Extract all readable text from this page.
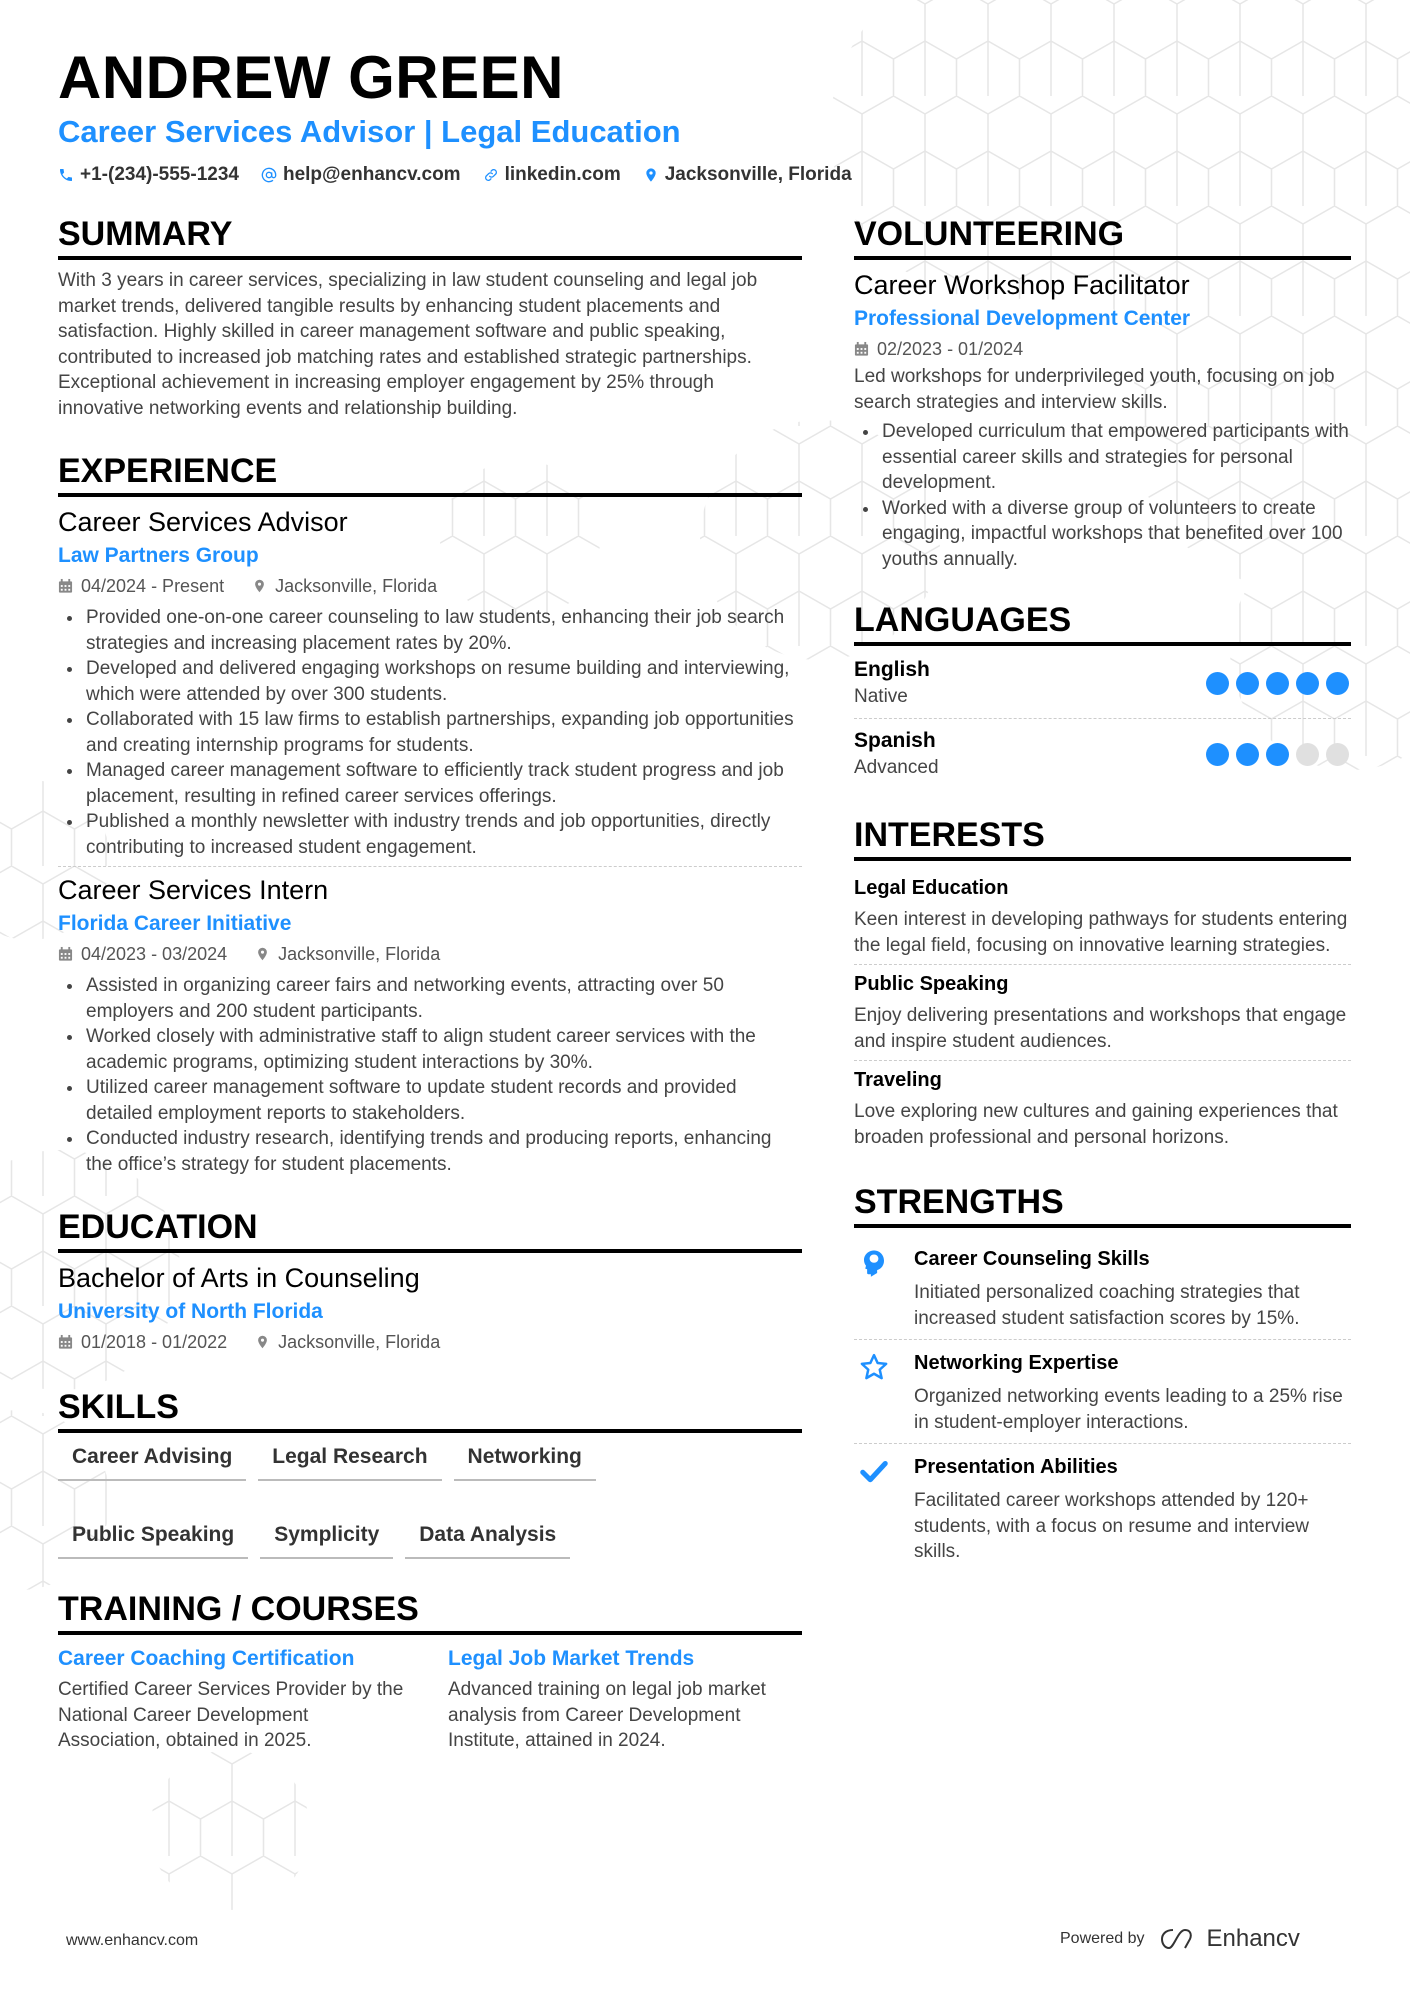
ANDREW GREEN
Career Services Advisor | Legal Education
+1-(234)-555-1234 help@enhancv.com linkedin.com Jacksonville, Florida
SUMMARY
With 3 years in career services, specializing in law student counseling and legal job market trends, delivered tangible results by enhancing student placements and satisfaction. Highly skilled in career management software and public speaking, contributed to increased job matching rates and established strategic partnerships. Exceptional achievement in increasing employer engagement by 25% through innovative networking events and relationship building.
EXPERIENCE
Career Services Advisor
Law Partners Group
04/2024 - Present	Jacksonville, Florida
Provided one-on-one career counseling to law students, enhancing their job search strategies and increasing placement rates by 20%.
Developed and delivered engaging workshops on resume building and interviewing, which were attended by over 300 students.
Collaborated with 15 law firms to establish partnerships, expanding job opportunities and creating internship programs for students.
Managed career management software to efficiently track student progress and job placement, resulting in refined career services offerings.
Published a monthly newsletter with industry trends and job opportunities, directly contributing to increased student engagement.
Career Services Intern
Florida Career Initiative
04/2023 - 03/2024	Jacksonville, Florida
Assisted in organizing career fairs and networking events, attracting over 50 employers and 200 student participants.
Worked closely with administrative staff to align student career services with the academic programs, optimizing student interactions by 30%.
Utilized career management software to update student records and provided detailed employment reports to stakeholders.
Conducted industry research, identifying trends and producing reports, enhancing the office’s strategy for student placements.
EDUCATION
Bachelor of Arts in Counseling
University of North Florida
01/2018 - 01/2022	Jacksonville, Florida
SKILLS
Career Advising	Legal Research	Networking
Public Speaking	Symplicity	Data Analysis
TRAINING / COURSES
Career Coaching Certification
Certified Career Services Provider by the National Career Development Association, obtained in 2025.
Legal Job Market Trends
Advanced training on legal job market analysis from Career Development Institute, attained in 2024.
VOLUNTEERING
Career Workshop Facilitator
Professional Development Center
02/2023 - 01/2024
Led workshops for underprivileged youth, focusing on job search strategies and interview skills.
Developed curriculum that empowered participants with essential career skills and strategies for personal development.
Worked with a diverse group of volunteers to create engaging, impactful workshops that benefited over 100 youths annually.
LANGUAGES
English
Native
Spanish
Advanced
INTERESTS
Legal Education
Keen interest in developing pathways for students entering the legal field, focusing on innovative learning strategies.
Public Speaking
Enjoy delivering presentations and workshops that engage and inspire student audiences.
Traveling
Love exploring new cultures and gaining experiences that broaden professional and personal horizons.
STRENGTHS
Career Counseling Skills
Initiated personalized coaching strategies that increased student satisfaction scores by 15%.
Networking Expertise
Organized networking events leading to a 25% rise in student-employer interactions.
Presentation Abilities
Facilitated career workshops attended by 120+ students, with a focus on resume and interview skills.
www.enhancv.com	Powered by	Enhancv
